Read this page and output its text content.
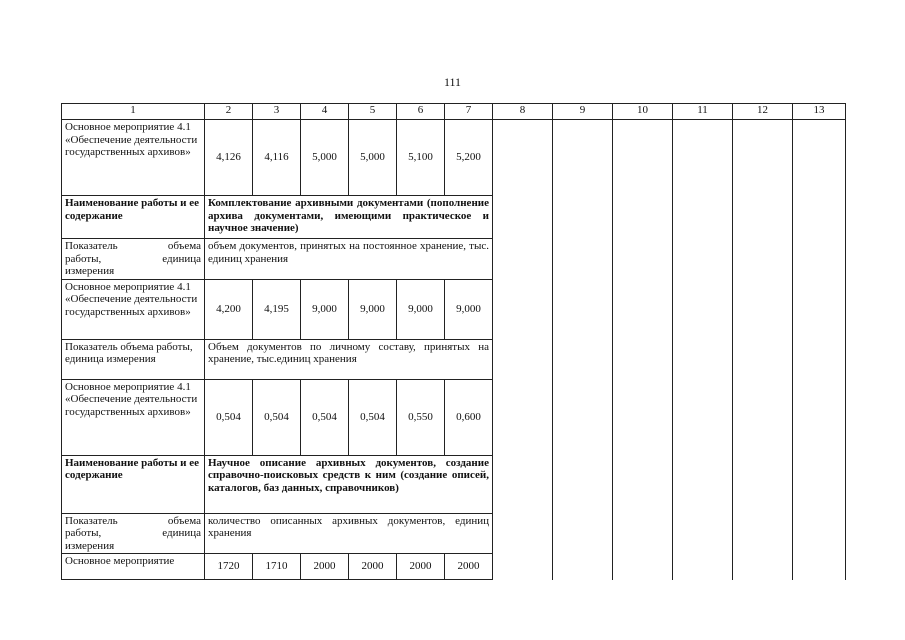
111
1	2	3	4	5	6	7	8	9	10	11	12	13
Основное мероприятие 4.1 «Обеспечение деятельности государственных архивов»	4,126	4,116	5,000	5,000	5,100	5,200						
Наименование работы и ее содержание	Комплектование архивными документами (пополнение архива документами, имеющими практическое и научное значение)											

Показатель объема
работы, единица
измерения	объем документов, принятых на постоянное хранение, тыс. единиц хранения											
Основное мероприятие 4.1 «Обеспечение деятельности государственных архивов»	4,200	4,195	9,000	9,000	9,000	9,000						
Показатель объема работы, единица измерения	Объем документов по личному составу, принятых на хранение, тыс.единиц хранения											
Основное мероприятие 4.1 «Обеспечение деятельности государственных архивов»	0,504	0,504	0,504	0,504	0,550	0,600						
Наименование работы и ее содержание	Научное описание архивных документов, создание справочно-поисковых средств к ним (создание описей, каталогов, баз данных, справочников)											

Показатель объема
работы, единица
измерения	количество описанных архивных документов, единиц хранения											
Основное мероприятие	1720	1710	2000	2000	2000	2000						
